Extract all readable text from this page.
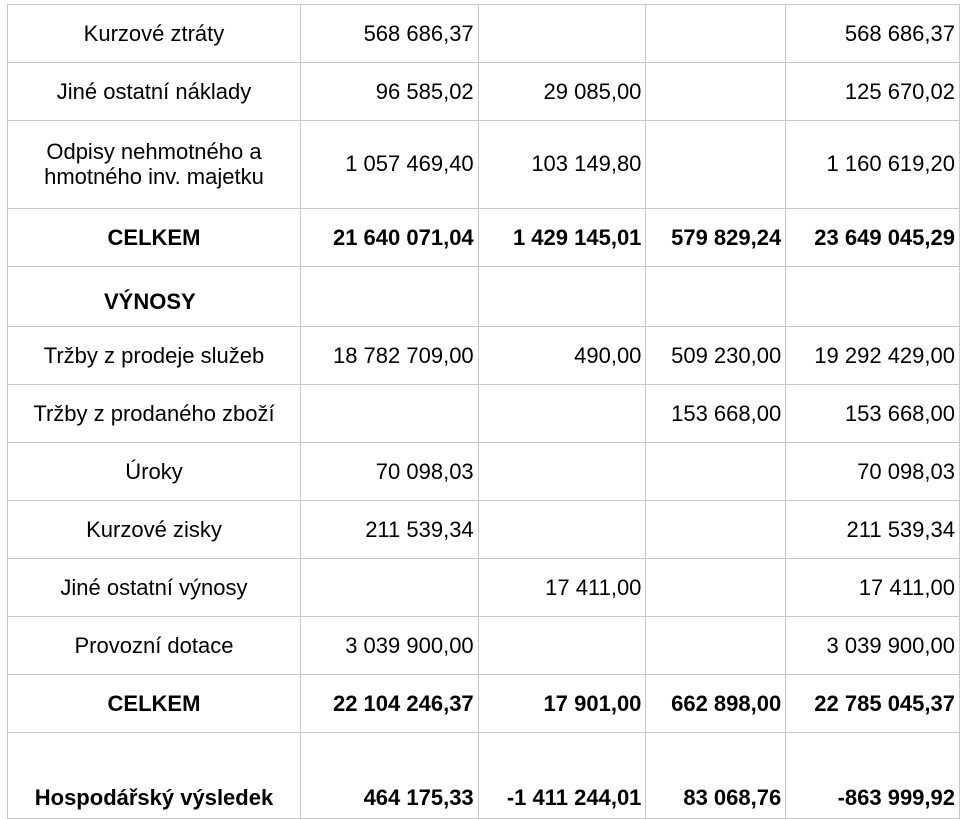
Kurzové ztráty	568 686,37			568 686,37
Jiné ostatní náklady	96 585,02	29 085,00		125 670,02
Odpisy nehmotného a hmotného inv. majetku	1 057 469,40	103 149,80		1 160 619,20
CELKEM	21 640 071,04	1 429 145,01	579 829,24	23 649 045,29
VÝNOSY				
Tržby z prodeje služeb	18 782 709,00	490,00	509 230,00	19 292 429,00
Tržby z prodaného zboží			153 668,00	153 668,00
Úroky	70 098,03			70 098,03
Kurzové zisky	211 539,34			211 539,34
Jiné ostatní výnosy		17 411,00		17 411,00
Provozní dotace	3 039 900,00			3 039 900,00
CELKEM	22 104 246,37	17 901,00	662 898,00	22 785 045,37
Hospodářský výsledek	464 175,33	-1 411 244,01	83 068,76	-863 999,92
